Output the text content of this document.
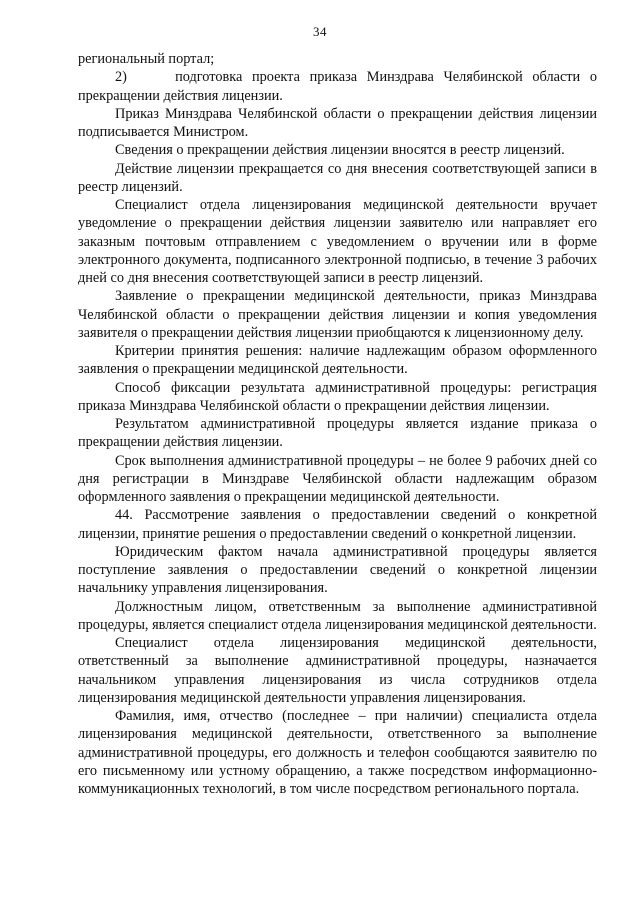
34

региональный портал;

2)     подготовка проекта приказа Минздрава Челябинской области о прекращении действия лицензии.

Приказ Минздрава Челябинской области о прекращении действия лицензии подписывается Министром.

Сведения о прекращении действия лицензии вносятся в реестр лицензий.

Действие лицензии прекращается со дня внесения соответствующей записи в реестр лицензий.

Специалист отдела лицензирования медицинской деятельности вручает уведомление о прекращении действия лицензии заявителю или направляет его заказным почтовым отправлением с уведомлением о вручении или в форме электронного документа, подписанного электронной подписью, в течение 3 рабочих дней со дня внесения соответствующей записи в реестр лицензий.

Заявление о прекращении медицинской деятельности, приказ Минздрава Челябинской области о прекращении действия лицензии и копия уведомления заявителя о прекращении действия лицензии приобщаются к лицензионному делу.

Критерии принятия решения: наличие надлежащим образом оформленного заявления о прекращении медицинской деятельности.

Способ фиксации результата административной процедуры: регистрация приказа Минздрава Челябинской области о прекращении действия лицензии.

Результатом административной процедуры является издание приказа о прекращении действия лицензии.

Срок выполнения административной процедуры – не более 9 рабочих дней со дня регистрации в Минздраве Челябинской области надлежащим образом оформленного заявления о прекращении медицинской деятельности.

44. Рассмотрение заявления о предоставлении сведений о конкретной лицензии, принятие решения о предоставлении сведений о конкретной лицензии.

Юридическим фактом начала административной процедуры является поступление заявления о предоставлении сведений о конкретной лицензии начальнику управления лицензирования.

Должностным лицом, ответственным за выполнение административной процедуры, является специалист отдела лицензирования медицинской деятельности.

Специалист отдела лицензирования медицинской деятельности, ответственный за выполнение административной процедуры, назначается начальником управления лицензирования из числа сотрудников отдела лицензирования медицинской деятельности управления лицензирования.

Фамилия, имя, отчество (последнее – при наличии) специалиста отдела лицензирования медицинской деятельности, ответственного за выполнение административной процедуры, его должность и телефон сообщаются заявителю по его письменному или устному обращению, а также посредством информационно-коммуникационных технологий, в том числе посредством регионального портала.
